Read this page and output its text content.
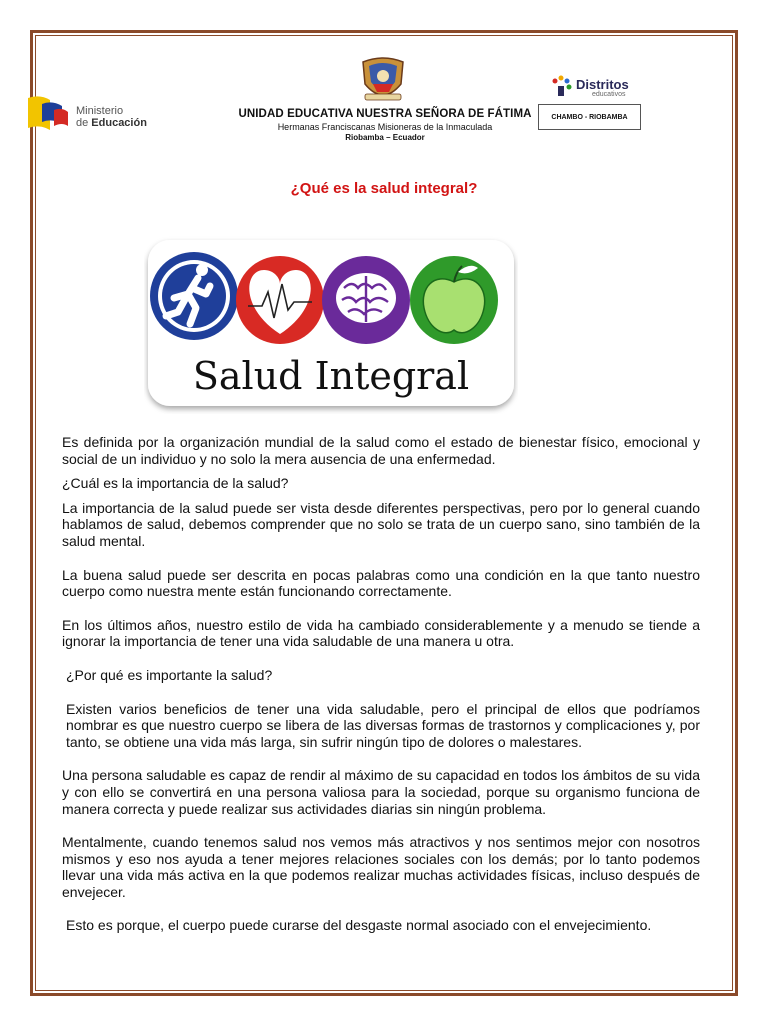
Ministerio
de Educación
UNIDAD EDUCATIVA NUESTRA SEÑORA DE FÁTIMA
Hermanas Franciscanas Misioneras de la Inmaculada
Riobamba – Ecuador
Distritos
educativos
CHAMBO - RIOBAMBA
¿Qué es la salud integral?
Salud Integral

Es definida por la organización mundial de la salud como el estado de bienestar físico, emocional y social de un individuo y no solo la mera ausencia de una enfermedad.

¿Cuál es la importancia de la salud?

La importancia de la salud puede ser vista desde diferentes perspectivas, pero por lo general cuando hablamos de salud, debemos comprender que no solo se trata de un cuerpo sano, sino también de la salud mental.

La buena salud puede ser descrita en pocas palabras como una condición en la que tanto nuestro cuerpo como nuestra mente están funcionando correctamente.

En los últimos años, nuestro estilo de vida ha cambiado considerablemente y a menudo se tiende a ignorar la importancia de tener una vida saludable de una manera u otra.

¿Por qué es importante la salud?

Existen varios beneficios de tener una vida saludable, pero el principal de ellos que podríamos nombrar es que nuestro cuerpo se libera de las diversas formas de trastornos y complicaciones y, por tanto, se obtiene una vida más larga, sin sufrir ningún tipo de dolores o malestares.

Una persona saludable es capaz de rendir al máximo de su capacidad en todos los ámbitos de su vida y con ello se convertirá en una persona valiosa para la sociedad, porque su organismo funciona de manera correcta y puede realizar sus actividades diarias sin ningún problema.

Mentalmente, cuando tenemos salud nos vemos más atractivos y nos sentimos mejor con nosotros mismos y eso nos ayuda a tener mejores relaciones sociales con los demás; por lo tanto podemos llevar una vida más activa en la que podemos realizar muchas actividades físicas, incluso después de envejecer.

Esto es porque, el cuerpo puede curarse del desgaste normal asociado con el envejecimiento.
